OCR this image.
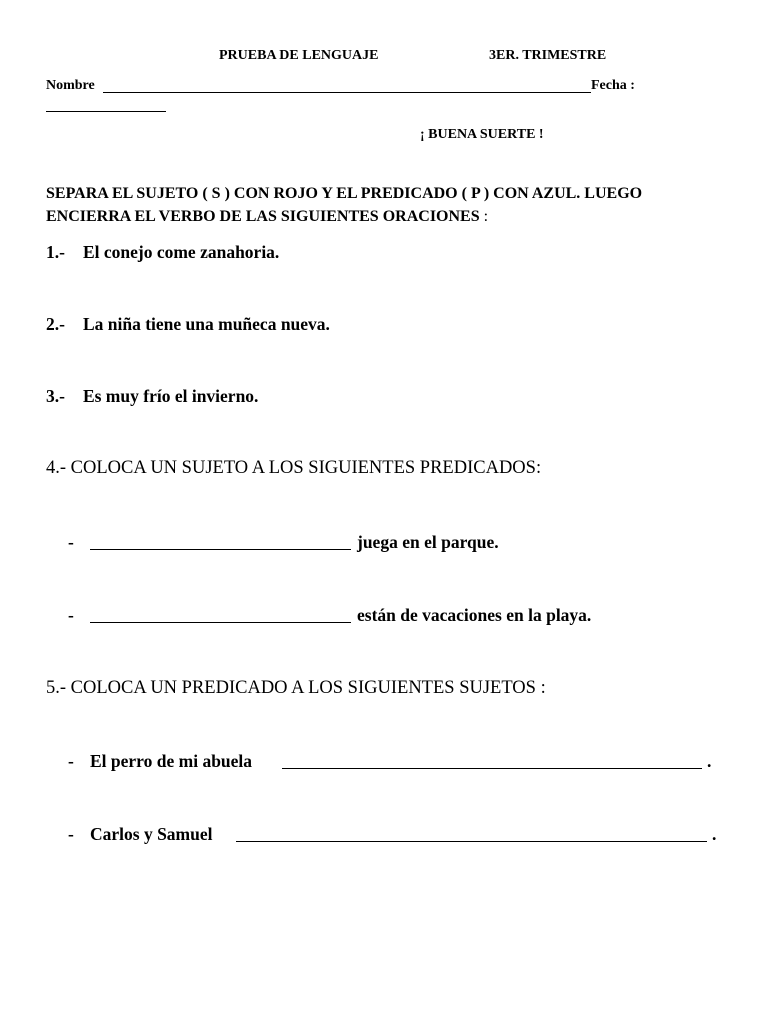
PRUEBA DE LENGUAJE	3ER. TRIMESTRE
Nombre	Fecha :
¡ BUENA SUERTE !
SEPARA EL SUJETO ( S ) CON ROJO Y EL PREDICADO ( P ) CON AZUL. LUEGO
ENCIERRA EL VERBO DE LAS SIGUIENTES ORACIONES :
1.- El conejo come zanahoria.
2.- La niña tiene una muñeca nueva.
3.- Es muy frío el invierno.
4.- COLOCA UN SUJETO A LOS SIGUIENTES PREDICADOS:
-	juega en el parque.
-	están de vacaciones en la playa.
5.- COLOCA UN PREDICADO A LOS SIGUIENTES SUJETOS :
- El perro de mi abuela	.
- Carlos y Samuel	.
